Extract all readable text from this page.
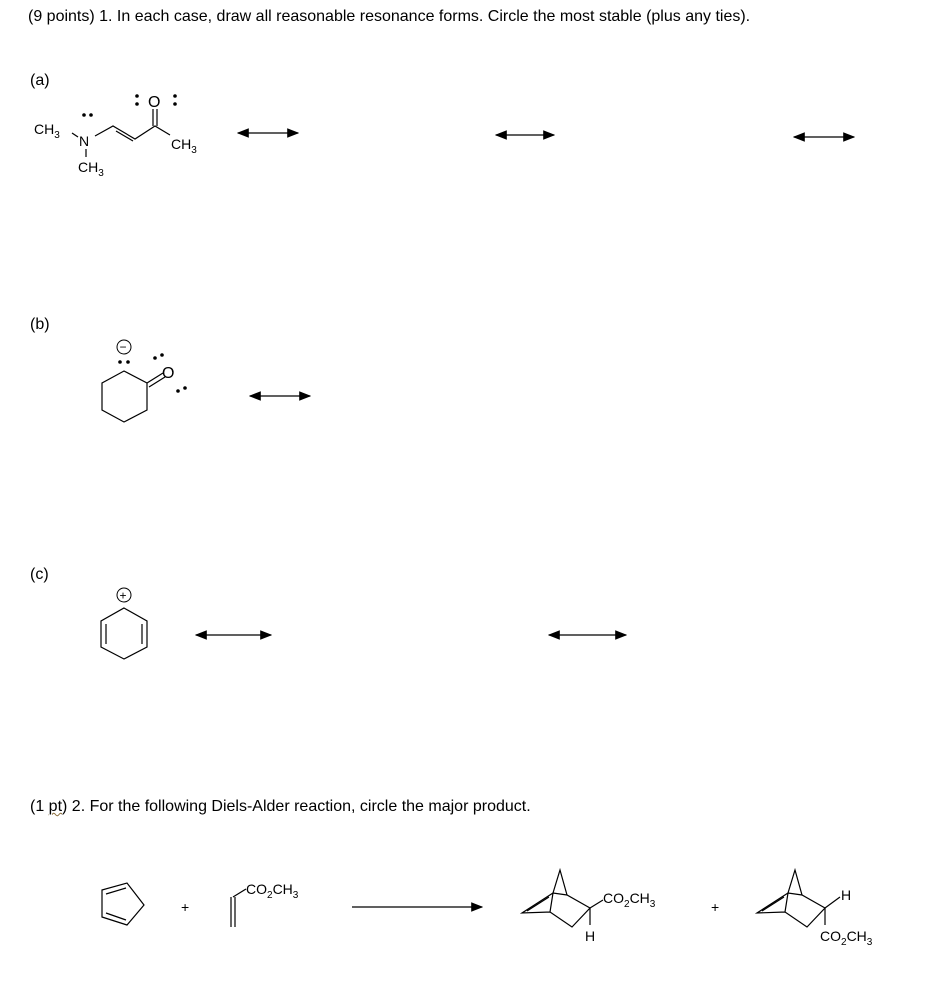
(9 points) 1. In each case, draw all reasonable resonance forms. Circle the most stable (plus any ties).
(a)
(b)
(c)
(1 pt) 2. For the following Diels-Alder reaction, circle the major product.
$CH_3$ N
$CH_3$
O
$CH_3$
O
−
+
+
$CO_2CH_3$	$CO_2CH_3$
H
+
H
$CO_2CH_3$
